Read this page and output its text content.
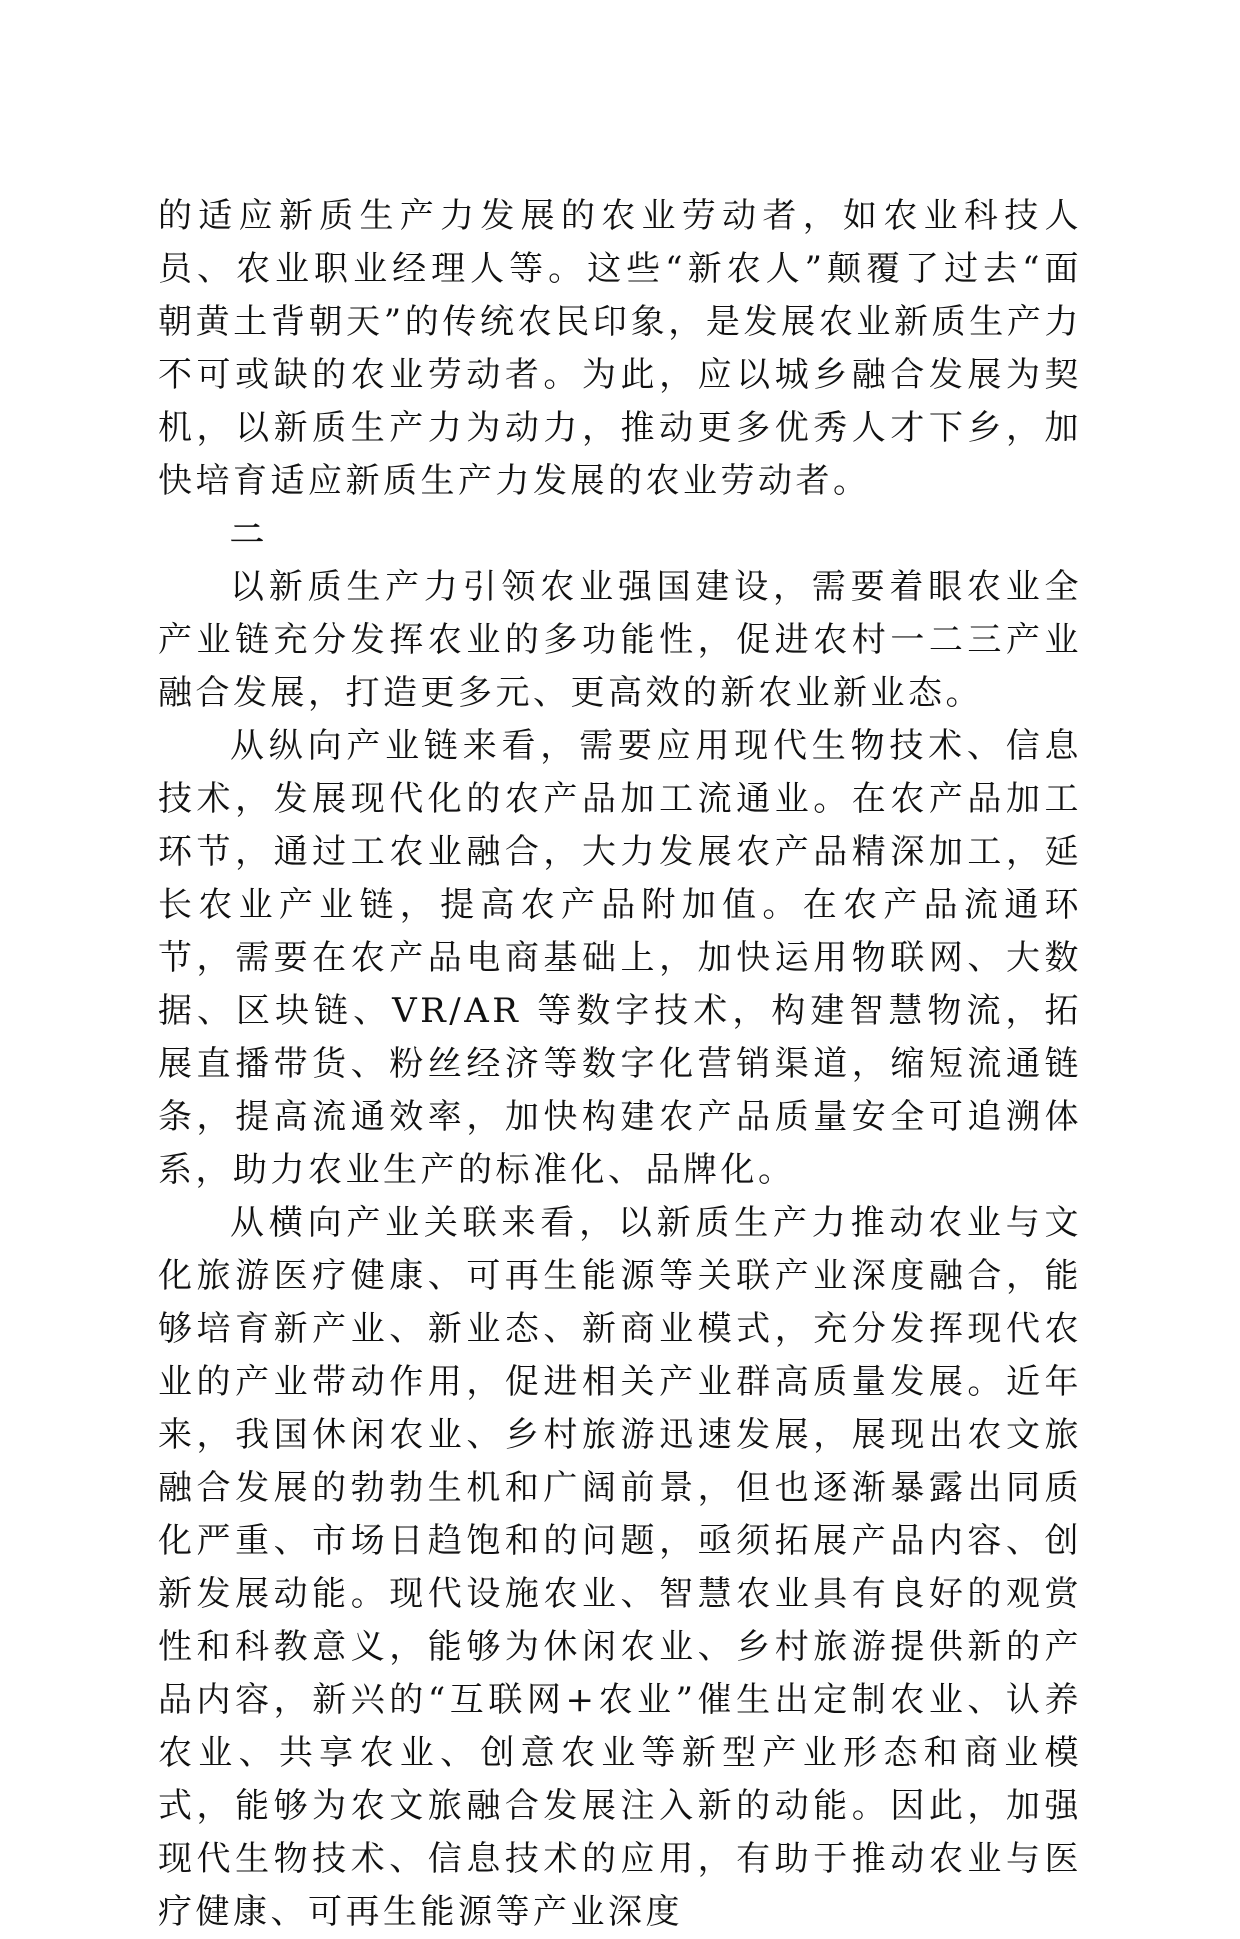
的适应新质生产力发展的农业劳动者，如农业科技人员、农业职业经理人等。这些“新农人”颠覆了过去“面朝黄土背朝天”的传统农民印象，是发展农业新质生产力不可或缺的农业劳动者。为此，应以城乡融合发展为契机，以新质生产力为动力，推动更多优秀人才下乡，加快培育适应新质生产力发展的农业劳动者。

二

以新质生产力引领农业强国建设，需要着眼农业全产业链充分发挥农业的多功能性，促进农村一二三产业融合发展，打造更多元、更高效的新农业新业态。

从纵向产业链来看，需要应用现代生物技术、信息技术，发展现代化的农产品加工流通业。在农产品加工环节，通过工农业融合，大力发展农产品精深加工，延长农业产业链，提高农产品附加值。在农产品流通环节，需要在农产品电商基础上，加快运用物联网、大数据、区块链、VR/AR 等数字技术，构建智慧物流，拓展直播带货、粉丝经济等数字化营销渠道，缩短流通链条，提高流通效率，加快构建农产品质量安全可追溯体系，助力农业生产的标准化、品牌化。

从横向产业关联来看，以新质生产力推动农业与文化旅游医疗健康、可再生能源等关联产业深度融合，能够培育新产业、新业态、新商业模式，充分发挥现代农业的产业带动作用，促进相关产业群高质量发展。近年来，我国休闲农业、乡村旅游迅速发展，展现出农文旅融合发展的勃勃生机和广阔前景，但也逐渐暴露出同质化严重、市场日趋饱和的问题，亟须拓展产品内容、创新发展动能。现代设施农业、智慧农业具有良好的观赏性和科教意义，能够为休闲农业、乡村旅游提供新的产品内容，新兴的“互联网+农业”催生出定制农业、认养农业、共享农业、创意农业等新型产业形态和商业模式，能够为农文旅融合发展注入新的动能。因此，加强现代生物技术、信息技术的应用，有助于推动农业与医疗健康、可再生能源等产业深度
